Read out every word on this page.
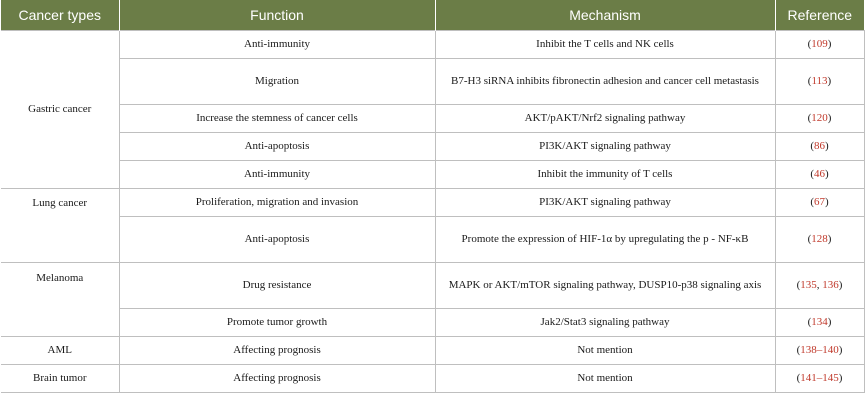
Cancer types	Function	Mechanism	Reference
Gastric cancer	Anti-immunity	Inhibit the T cells and NK cells	(109)
	Migration	B7-H3 siRNA inhibits fibronectin adhesion and cancer cell metastasis	(113)
	Increase the stemness of cancer cells	AKT/pAKT/Nrf2 signaling pathway	(120)
	Anti-apoptosis	PI3K/AKT signaling pathway	(86)
	Anti-immunity	Inhibit the immunity of T cells	(46)
Lung cancer	Proliferation, migration and invasion	PI3K/AKT signaling pathway	(67)
	Anti-apoptosis	Promote the expression of HIF-1α by upregulating the p - NF-κB	(128)
Melanoma	Drug resistance	MAPK or AKT/mTOR signaling pathway, DUSP10-p38 signaling axis	(135, 136)
	Promote tumor growth	Jak2/Stat3 signaling pathway	(134)
AML	Affecting prognosis	Not mention	(138–140)
Brain tumor	Affecting prognosis	Not mention	(141–145)
